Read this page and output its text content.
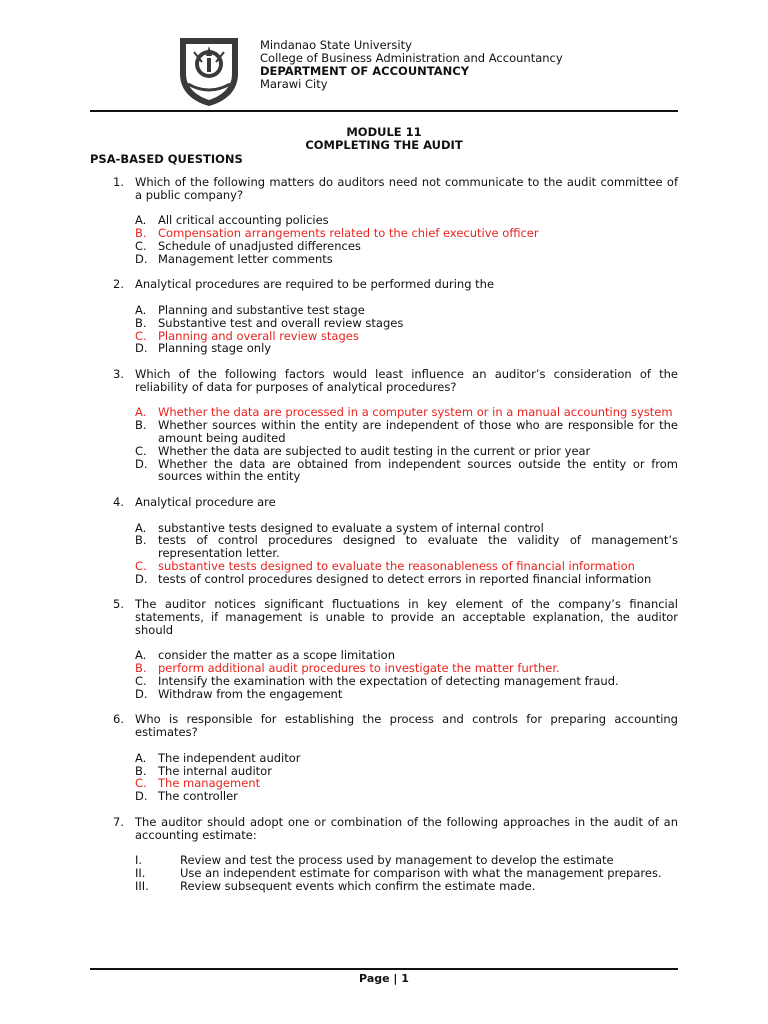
Mindanao State University
College of Business Administration and Accountancy
DEPARTMENT OF ACCOUNTANCY
Marawi City
MODULE 11
COMPLETING THE AUDIT
PSA-BASED QUESTIONS
1. Which of the following matters do auditors need not communicate to the audit committee of a public company?
A.	All critical accounting policies
B. Compensation arrangements related to the chief executive officer
C. Schedule of unadjusted differences
D. Management letter comments
2. Analytical procedures are required to be performed during the
A.	Planning and substantive test stage
B. Substantive test and overall review stages
C. Planning and overall review stages
D. Planning stage only
3. Which of the following factors would least influence an auditor’s consideration of the reliability of data for purposes of analytical procedures?
A.	Whether the data are processed in a computer system or in a manual accounting system
B. Whether sources within the entity are independent of those who are responsible for the amount being audited
C. Whether the data are subjected to audit testing in the current or prior year
D. Whether the data are obtained from independent sources outside the entity or from sources within the entity
4. Analytical procedure are
A.	substantive tests designed to evaluate a system of internal control
B. tests of control procedures designed to evaluate the validity of management’s representation letter.
C. substantive tests designed to evaluate the reasonableness of financial information
D. tests of control procedures designed to detect errors in reported financial information
5. The auditor notices significant fluctuations in key element of the company’s financial statements, if management is unable to provide an acceptable explanation, the auditor should
A.	consider the matter as a scope limitation
B. perform additional audit procedures to investigate the matter further.
C. Intensify the examination with the expectation of detecting management fraud.
D. Withdraw from the engagement
6. Who is responsible for establishing the process and controls for preparing accounting estimates?
A.	The independent auditor
B. The internal auditor
C. The management
D. The controller
7. The auditor should adopt one or combination of the following approaches in the audit of an accounting estimate:
I.	Review and test the process used by management to develop the estimate
II.	Use an independent estimate for comparison with what the management prepares.
III.	Review subsequent events which confirm the estimate made.
Page | 1
